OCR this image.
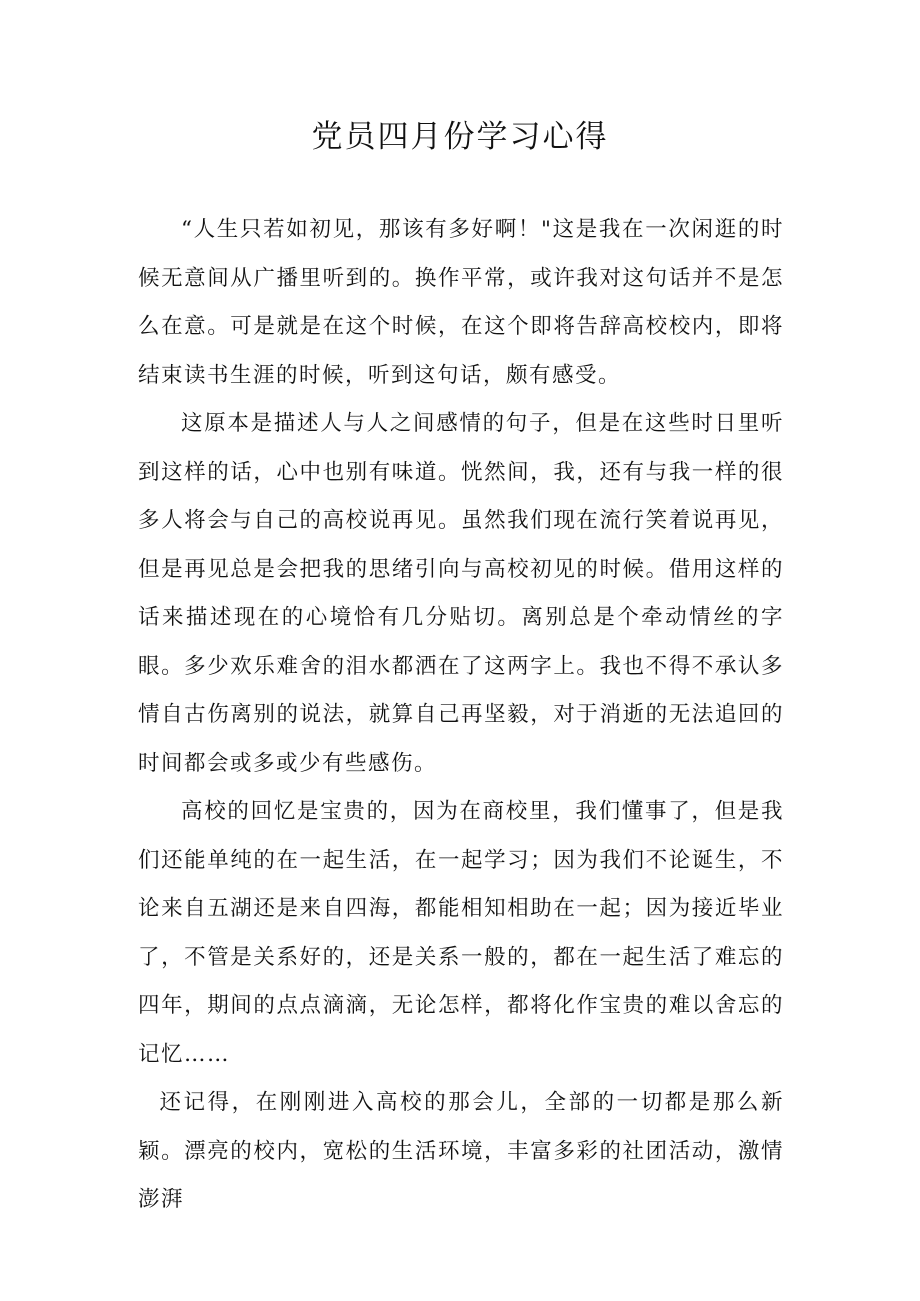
党员四月份学习心得

“人生只若如初见，那该有多好啊！"这是我在一次闲逛的时候无意间从广播里听到的。换作平常，或许我对这句话并不是怎么在意。可是就是在这个时候，在这个即将告辞高校校内，即将结束读书生涯的时候，听到这句话，颇有感受。

这原本是描述人与人之间感情的句子，但是在这些时日里听到这样的话，心中也别有味道。恍然间，我，还有与我一样的很多人将会与自己的高校说再见。虽然我们现在流行笑着说再见，但是再见总是会把我的思绪引向与高校初见的时候。借用这样的话来描述现在的心境恰有几分贴切。离别总是个牵动情丝的字眼。多少欢乐难舍的泪水都洒在了这两字上。我也不得不承认多情自古伤离别的说法，就算自己再坚毅，对于消逝的无法追回的时间都会或多或少有些感伤。

高校的回忆是宝贵的，因为在商校里，我们懂事了，但是我们还能单纯的在一起生活，在一起学习；因为我们不论诞生，不论来自五湖还是来自四海，都能相知相助在一起；因为接近毕业了，不管是关系好的，还是关系一般的，都在一起生活了难忘的四年，期间的点点滴滴，无论怎样，都将化作宝贵的难以舍忘的记忆……

还记得，在刚刚进入高校的那会儿，全部的一切都是那么新颖。漂亮的校内，宽松的生活环境，丰富多彩的社团活动，激情澎湃
